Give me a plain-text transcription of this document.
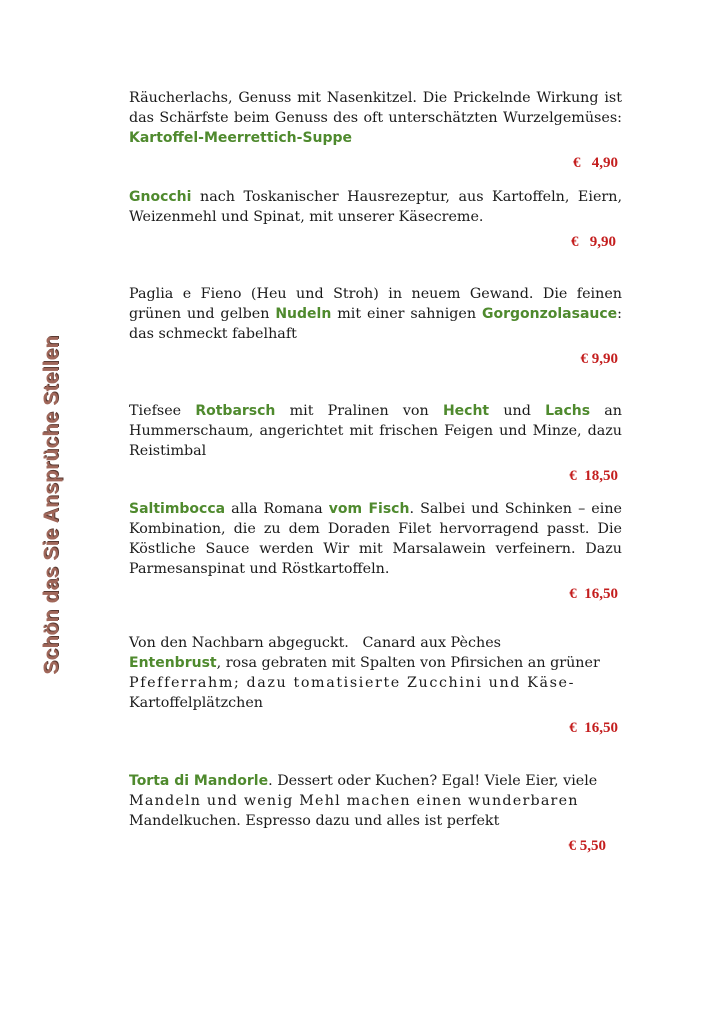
Schön das Sie Ansprüche Stellen

Räucherlachs, Genuss mit Nasenkitzel. Die Prickelnde Wirkung ist das Schärfste beim Genuss des oft unterschätzten Wurzelgemüses: Kartoffel-Meerrettich-Suppe

€ 4,90

Gnocchi nach Toskanischer Hausrezeptur, aus Kartoffeln, Eiern, Weizenmehl und Spinat, mit unserer Käsecreme.

€ 9,90

Paglia e Fieno (Heu und Stroh) in neuem Gewand. Die feinen grünen und gelben Nudeln mit einer sahnigen Gorgonzolasauce: das schmeckt fabelhaft

€ 9,90

Tiefsee Rotbarsch mit Pralinen von Hecht und Lachs an Hummerschaum, angerichtet mit frischen Feigen und Minze, dazu Reistimbal

€ 18,50

Saltimbocca alla Romana vom Fisch. Salbei und Schinken – eine Kombination, die zu dem Doraden Filet hervorragend passt. Die Köstliche Sauce werden Wir mit Marsalawein verfeinern. Dazu Parmesanspinat und Röstkartoffeln.

€ 16,50

Von den Nachbarn abgeguckt.   Canard aux Pèches
Entenbrust, rosa gebraten mit Spalten von Pfirsichen an grüner
Pfefferrahm; dazu tomatisierte Zucchini und Käse-
Kartoffelplätzchen

€ 16,50

Torta di Mandorle. Dessert oder Kuchen? Egal! Viele Eier, viele
Mandeln und wenig Mehl machen einen wunderbaren
Mandelkuchen. Espresso dazu und alles ist perfekt

€ 5,50
